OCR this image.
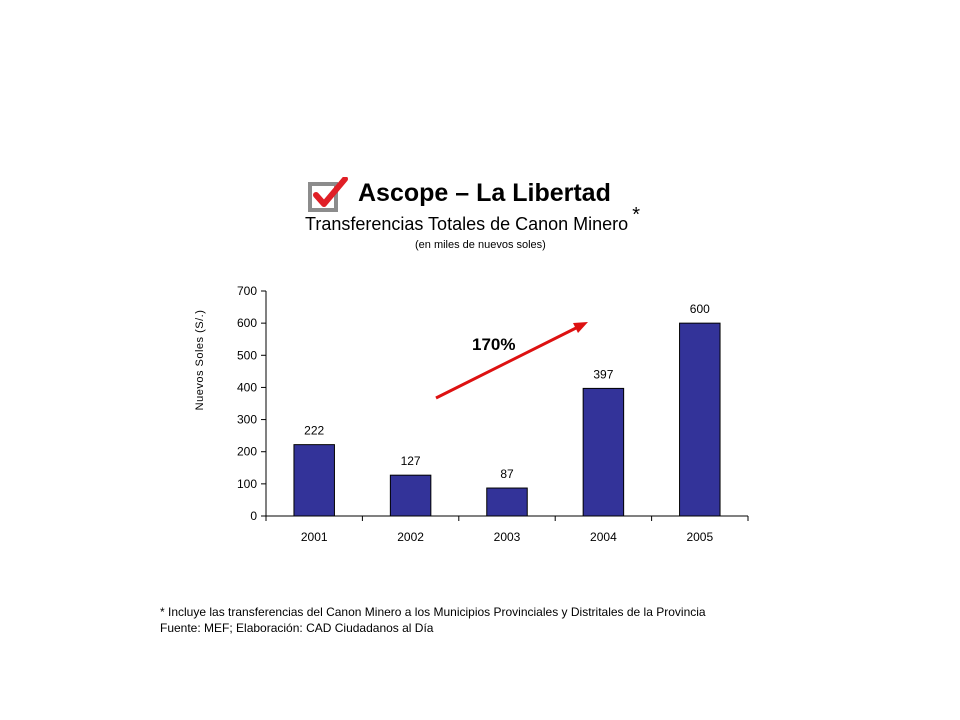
Ascope – La Libertad
Transferencias Totales de Canon Minero *
(en miles de nuevos soles)
0
100
200
300
400
500
600
700
222
127
87
397
600
2001	2002	2003	2004	2005
Nuevos Soles (S/.)	170%
* Incluye las transferencias del Canon Minero a los Municipios Provinciales y Distritales de la Provincia
Fuente: MEF; Elaboración: CAD Ciudadanos al Día
